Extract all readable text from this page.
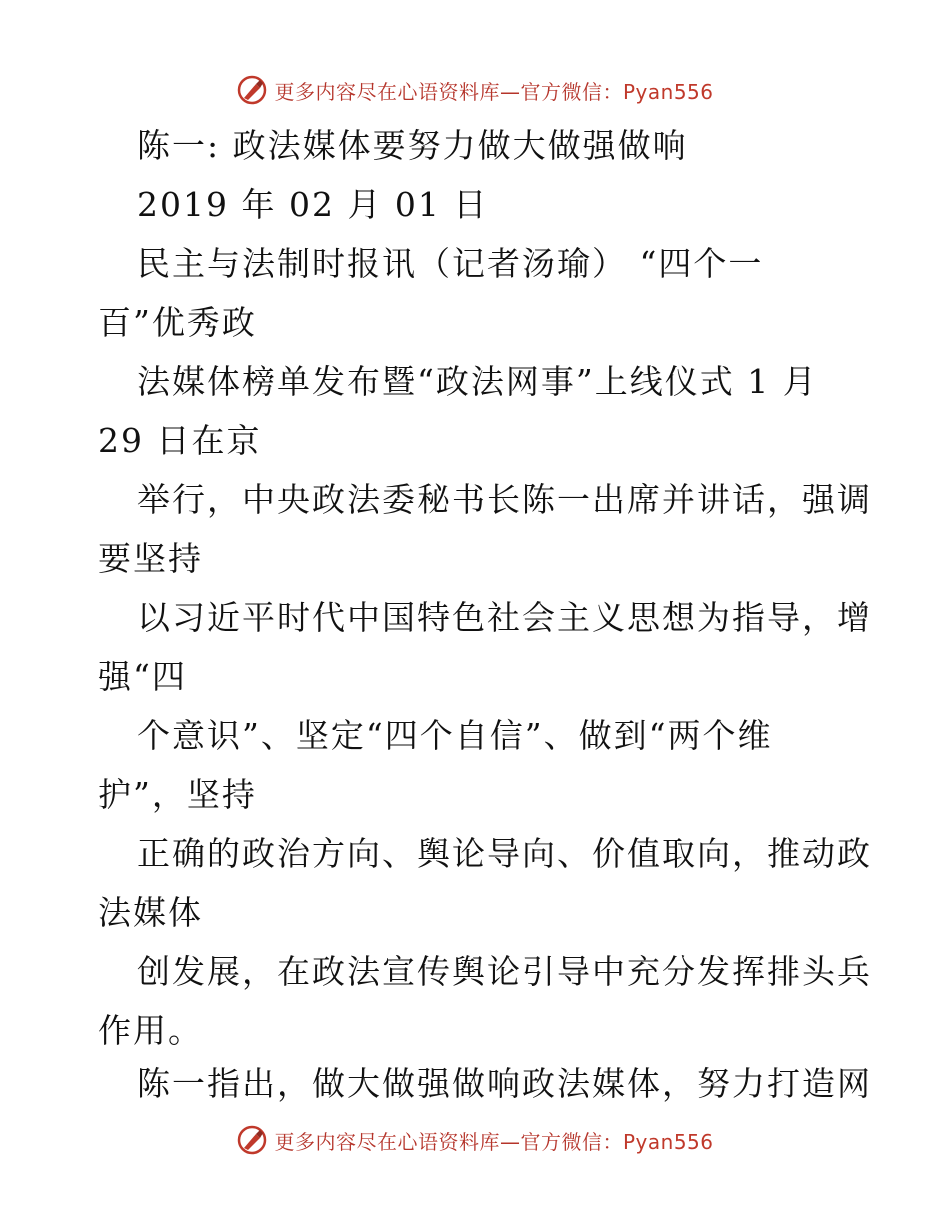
更多内容尽在心语资料库—官方微信：Pyan556
陈一: 政法媒体要努力做大做强做响
2019 年 02 月 01 日
民主与法制时报讯（记者汤瑜） “四个一
百”优秀政
法媒体榜单发布暨“政法网事”上线仪式 1 月
29 日在京
举行，中央政法委秘书长陈一出席并讲话，强调
要坚持
以习近平时代中国特色社会主义思想为指导，增
强“四
个意识”、坚定“四个自信”、做到“两个维
护”，坚持
正确的政治方向、舆论导向、价值取向，推动政
法媒体
创发展，在政法宣传舆论引导中充分发挥排头兵
作用。
陈一指出，做大做强做响政法媒体，努力打造网
更多内容尽在心语资料库—官方微信：Pyan556
